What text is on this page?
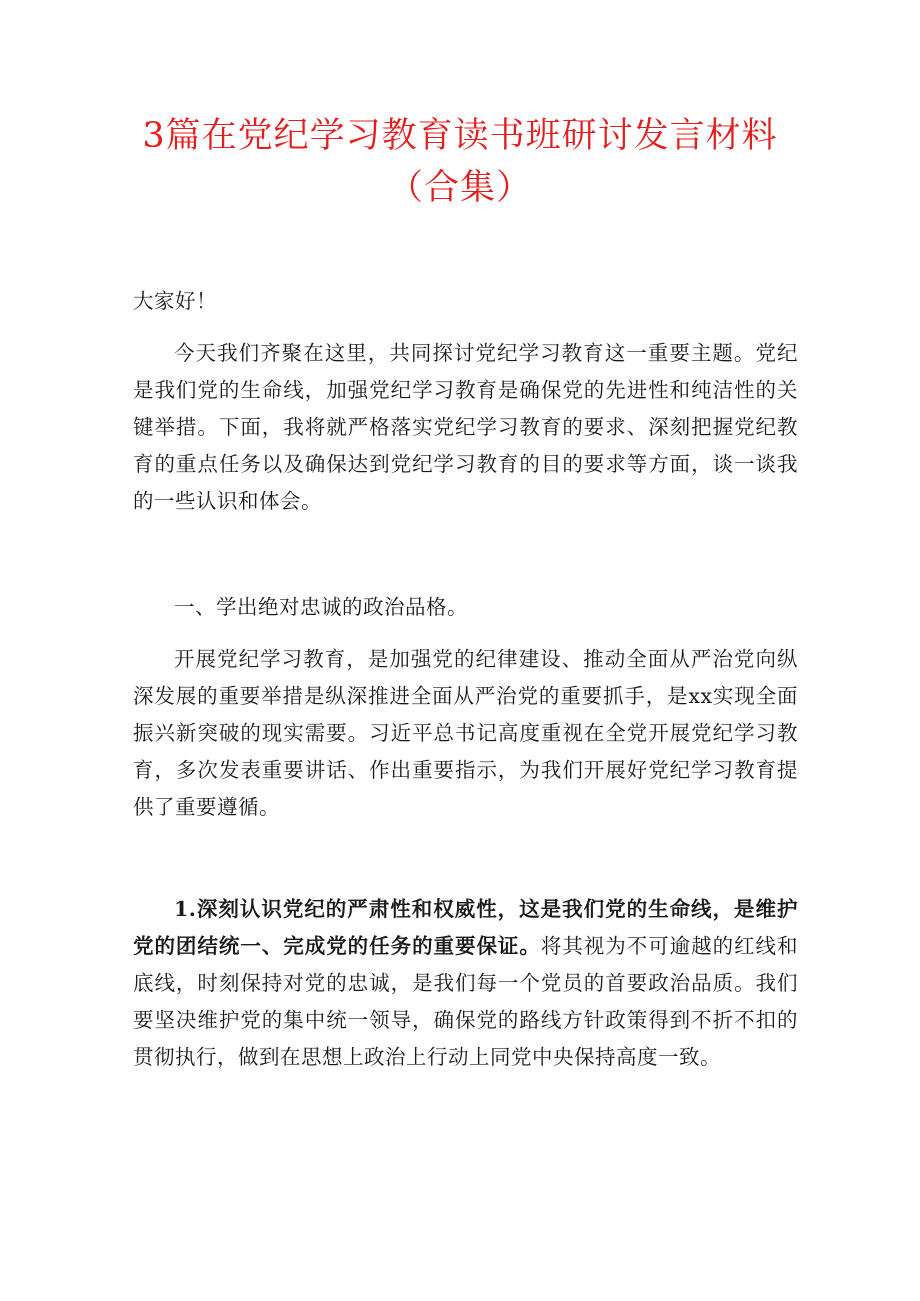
3篇在党纪学习教育读书班研讨发言材料（合集）

大家好！

今天我们齐聚在这里，共同探讨党纪学习教育这一重要主题。党纪是我们党的生命线，加强党纪学习教育是确保党的先进性和纯洁性的关键举措。下面，我将就严格落实党纪学习教育的要求、深刻把握党纪教育的重点任务以及确保达到党纪学习教育的目的要求等方面，谈一谈我的一些认识和体会。

一、学出绝对忠诚的政治品格。

开展党纪学习教育，是加强党的纪律建设、推动全面从严治党向纵深发展的重要举措是纵深推进全面从严治党的重要抓手，是xx实现全面振兴新突破的现实需要。习近平总书记高度重视在全党开展党纪学习教育，多次发表重要讲话、作出重要指示，为我们开展好党纪学习教育提供了重要遵循。

1.深刻认识党纪的严肃性和权威性，这是我们党的生命线，是维护党的团结统一、完成党的任务的重要保证。将其视为不可逾越的红线和底线，时刻保持对党的忠诚，是我们每一个党员的首要政治品质。我们要坚决维护党的集中统一领导，确保党的路线方针政策得到不折不扣的贯彻执行，做到在思想上政治上行动上同党中央保持高度一致。
